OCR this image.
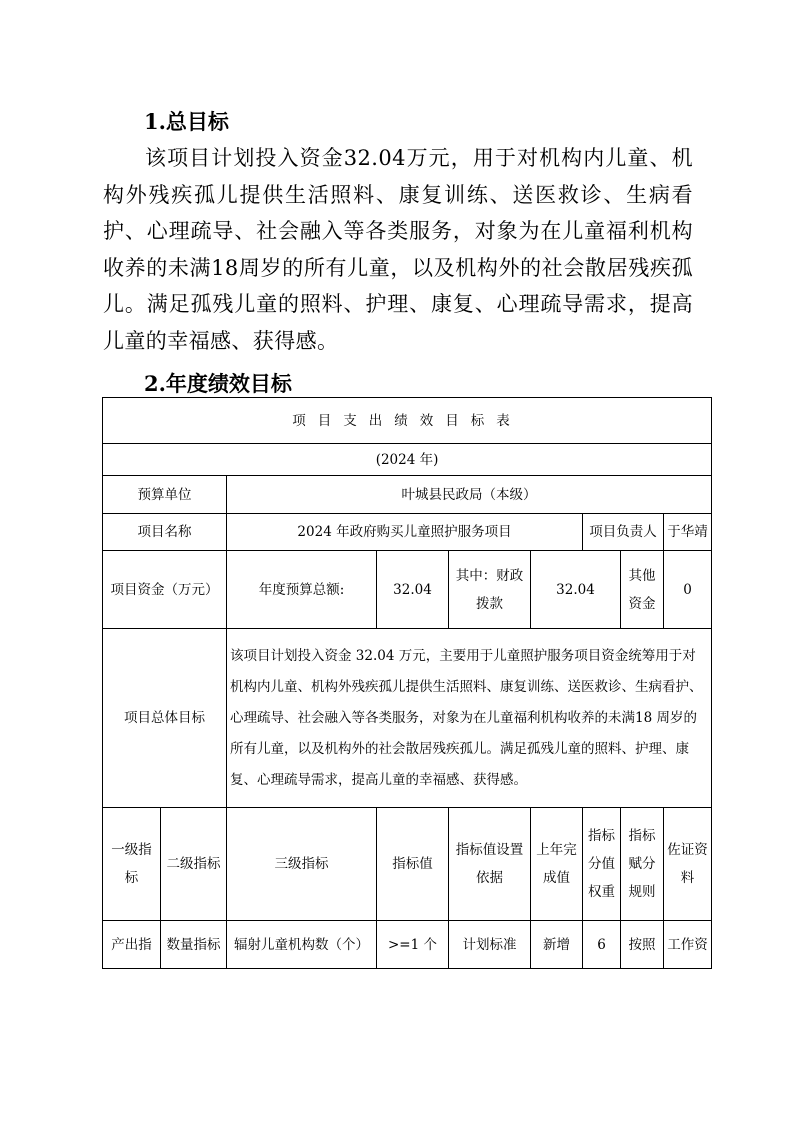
1.总目标
该项目计划投入资金32.04万元，用于对机构内儿童、机构外残疾孤儿提供生活照料、康复训练、送医救诊、生病看护、心理疏导、社会融入等各类服务，对象为在儿童福利机构收养的未满18周岁的所有儿童，以及机构外的社会散居残疾孤儿。满足孤残儿童的照料、护理、康复、心理疏导需求，提高儿童的幸福感、获得感。
2.年度绩效目标
项目支出绩效目标表								
(2024 年)								
预算单位		叶城县民政局（本级）						
项目名称		2024 年政府购买儿童照护服务项目				项目负责人		于华靖
项目资金（万元）		年度预算总额:	32.04	其中：财政拨款	32.04		其他资金	0
项目总体目标		该项目计划投入资金 32.04 万元，主要用于儿童照护服务项目资金统筹用于对机构内儿童、机构外残疾孤儿提供生活照料、康复训练、送医救诊、生病看护、心理疏导、社会融入等各类服务，对象为在儿童福利机构收养的未满18 周岁的所有儿童，以及机构外的社会散居残疾孤儿。满足孤残儿童的照料、护理、康复、心理疏导需求，提高儿童的幸福感、获得感。						
一级指标	二级指标	三级指标	指标值	指标值设置依据	上年完成值	指标分值权重	指标赋分规则	佐证资料
产出指	数量指标	辐射儿童机构数（个）	>=1 个	计划标准	新增	6	按照	工作资
